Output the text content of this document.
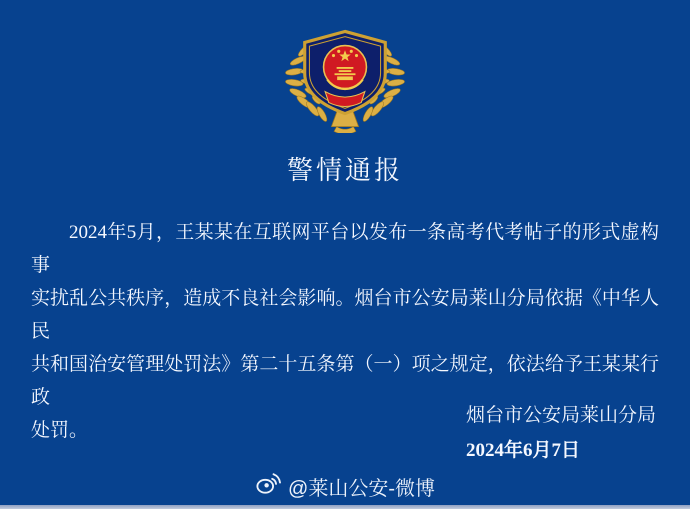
警情通报
2024年5月，王某某在互联网平台以发布一条高考代考帖子的形式虚构事
实扰乱公共秩序，造成不良社会影响。烟台市公安局莱山分局依据《中华人民
共和国治安管理处罚法》第二十五条第（一）项之规定，依法给予王某某行政
处罚。
烟台市公安局莱山分局
2024年6月7日
@莱山公安-微博
